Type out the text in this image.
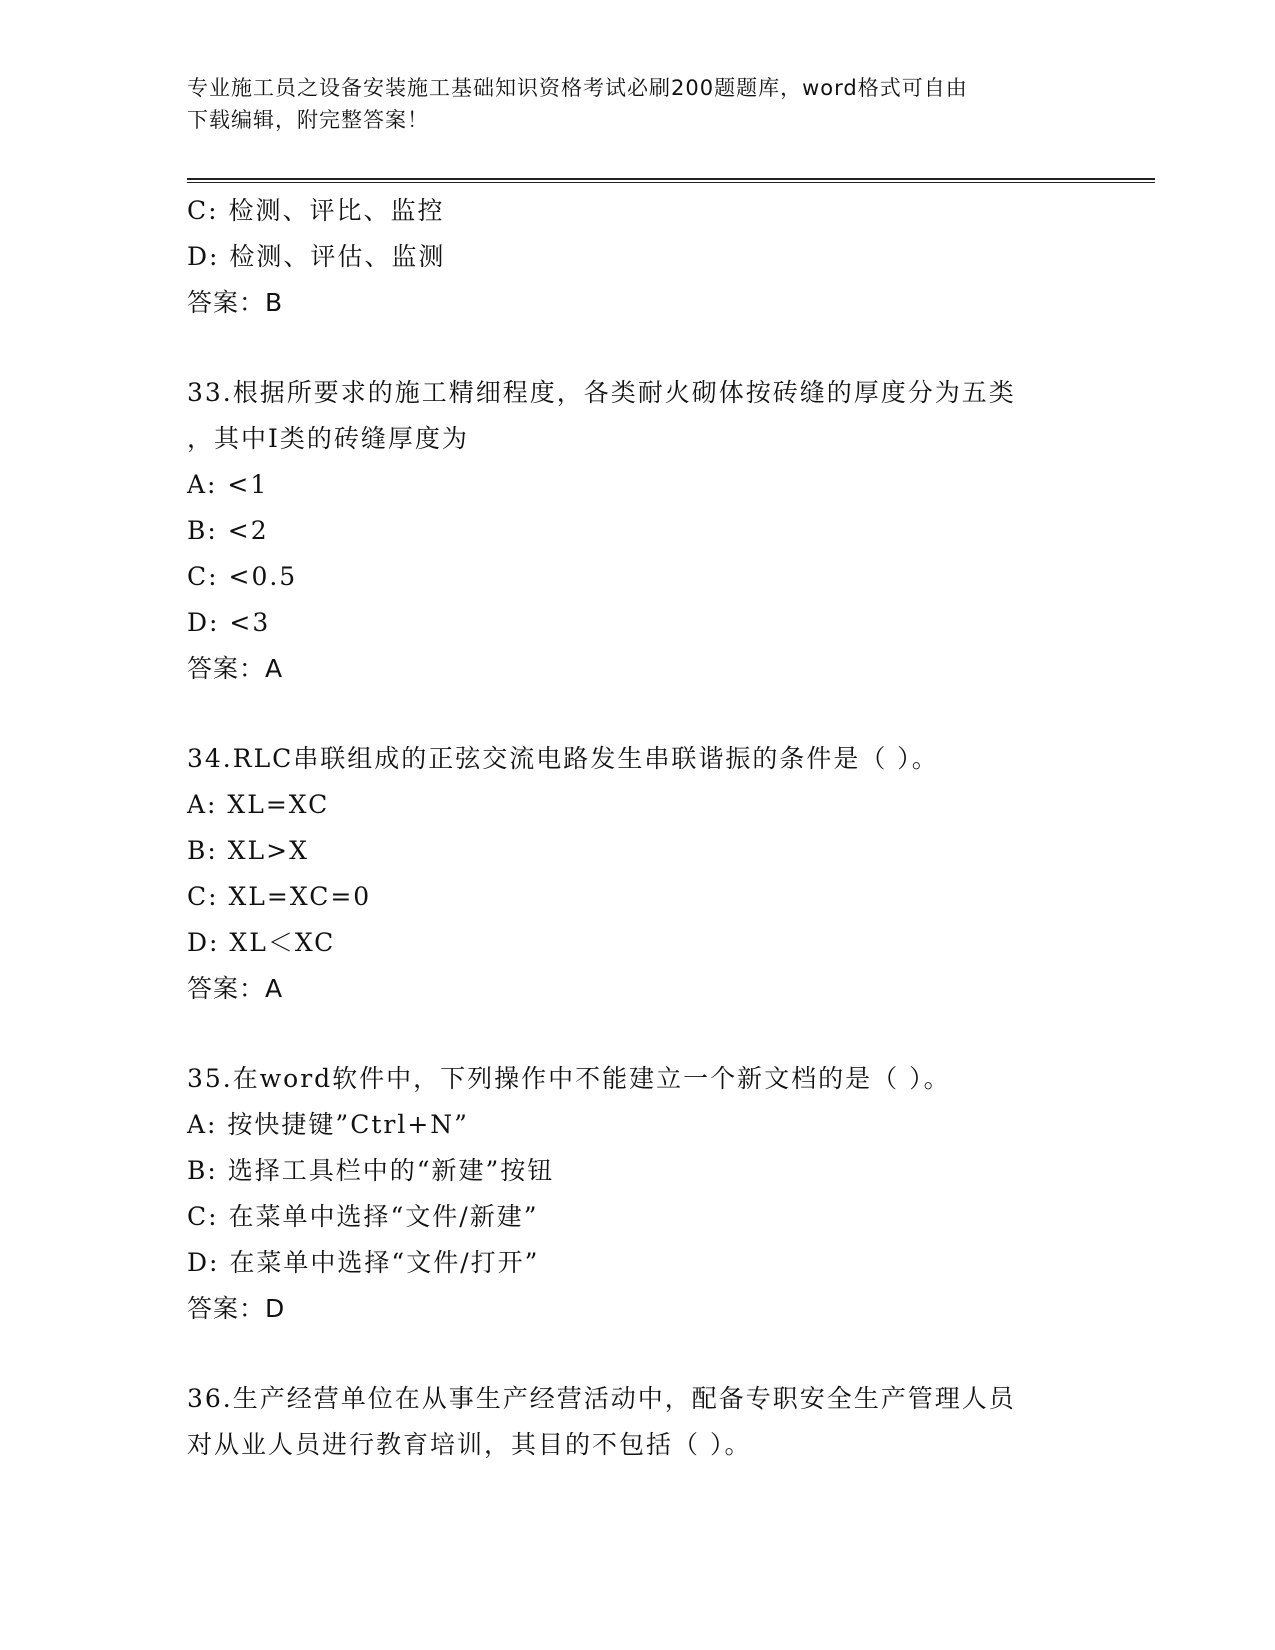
专业施工员之设备安装施工基础知识资格考试必刷200题题库，word格式可自由
下载编辑，附完整答案！
C: 检测、评比、监控
D: 检测、评估、监测
答案：B
33.根据所要求的施工精细程度，各类耐火砌体按砖缝的厚度分为五类
，其中Ⅰ类的砖缝厚度为
A: <1
B: <2
C: <0.5
D: <3
答案：A
34.RLC串联组成的正弦交流电路发生串联谐振的条件是（ ）。
A: XL=XC
B: XL>X
C: XL=XC=0
D: XL＜XC
答案：A
35.在word软件中，下列操作中不能建立一个新文档的是（ ）。
A: 按快捷键”Ctrl+N”
B: 选择工具栏中的“新建”按钮
C: 在菜单中选择“文件/新建”
D: 在菜单中选择“文件/打开”
答案：D
36.生产经营单位在从事生产经营活动中，配备专职安全生产管理人员
对从业人员进行教育培训，其目的不包括（ ）。
